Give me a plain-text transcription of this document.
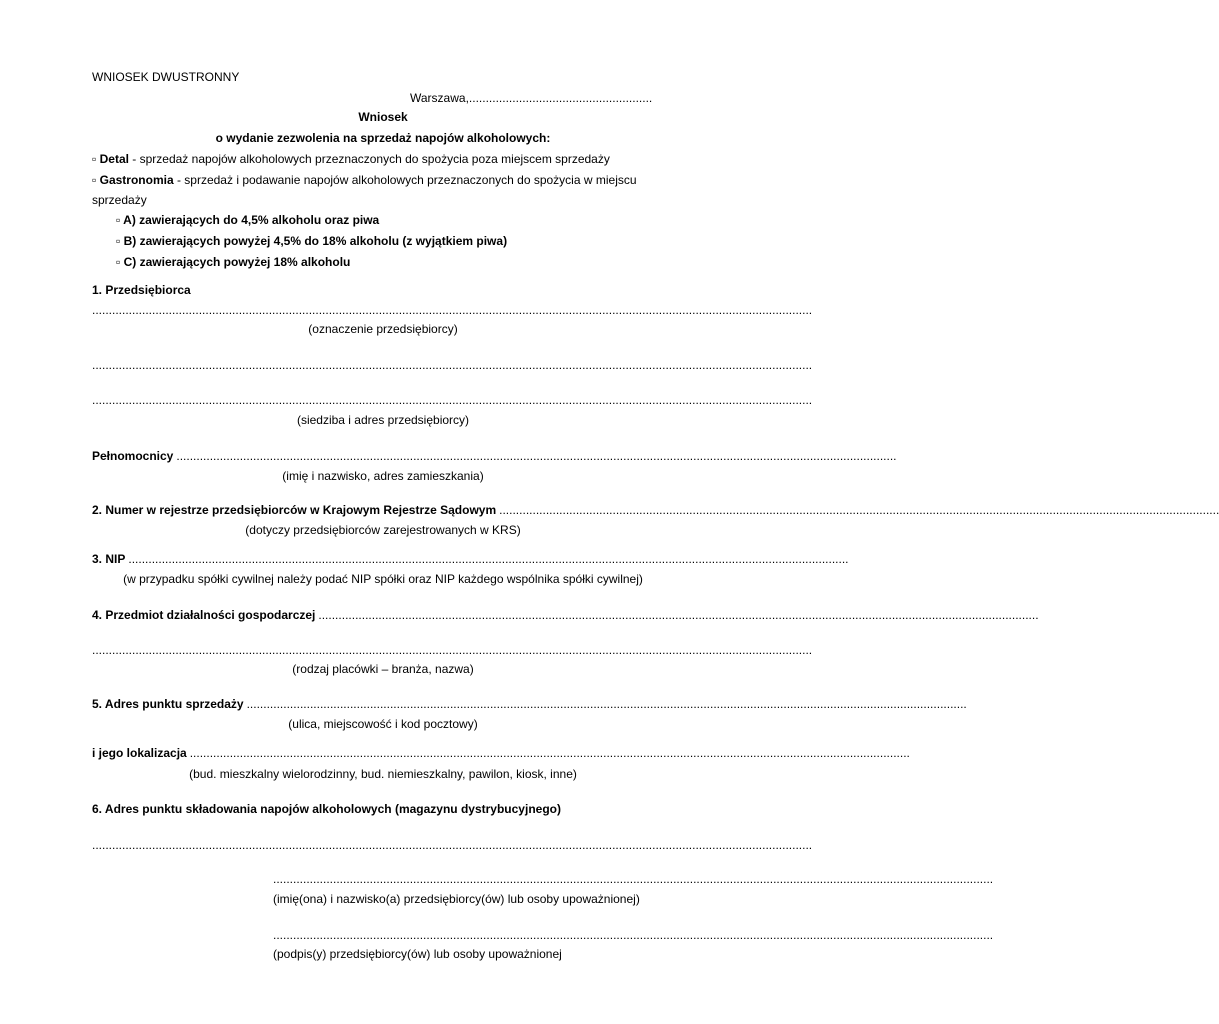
WNIOSEK DWUSTRONNY
Warszawa,.......................................................
Wniosek
o wydanie zezwolenia na sprzedaż napojów alkoholowych:
▫ Detal - sprzedaż napojów alkoholowych przeznaczonych do spożycia poza miejscem sprzedaży
▫ Gastronomia - sprzedaż i podawanie napojów alkoholowych przeznaczonych do spożycia w miejscu
sprzedaży
▫ A) zawierających do 4,5% alkoholu oraz piwa
▫ B) zawierających powyżej 4,5% do 18% alkoholu (z wyjątkiem piwa)
▫ C) zawierających powyżej 18% alkoholu
1. Przedsiębiorca
........................................................................................................................................................................................................................
(oznaczenie przedsiębiorcy)
........................................................................................................................................................................................................................
........................................................................................................................................................................................................................
(siedziba i adres przedsiębiorcy)
Pełnomocnicy ........................................................................................................................................................................................................................
(imię i nazwisko, adres zamieszkania)
2. Numer w rejestrze przedsiębiorców w Krajowym Rejestrze Sądowym ........................................................................................................................................................................................................................
(dotyczy przedsiębiorców zarejestrowanych w KRS)
3. NIP ........................................................................................................................................................................................................................
(w przypadku spółki cywilnej należy podać NIP spółki oraz NIP każdego wspólnika spółki cywilnej)
4. Przedmiot działalności gospodarczej ........................................................................................................................................................................................................................
........................................................................................................................................................................................................................
(rodzaj placówki – branża, nazwa)
5. Adres punktu sprzedaży ........................................................................................................................................................................................................................
(ulica, miejscowość i kod pocztowy)
i jego lokalizacja ........................................................................................................................................................................................................................
(bud. mieszkalny wielorodzinny, bud. niemieszkalny, pawilon, kiosk, inne)
6. Adres punktu składowania napojów alkoholowych (magazynu dystrybucyjnego)
........................................................................................................................................................................................................................
........................................................................................................................................................................................................................
(imię(ona) i nazwisko(a) przedsiębiorcy(ów) lub osoby upoważnionej)
........................................................................................................................................................................................................................
(podpis(y) przedsiębiorcy(ów) lub osoby upoważnionej
